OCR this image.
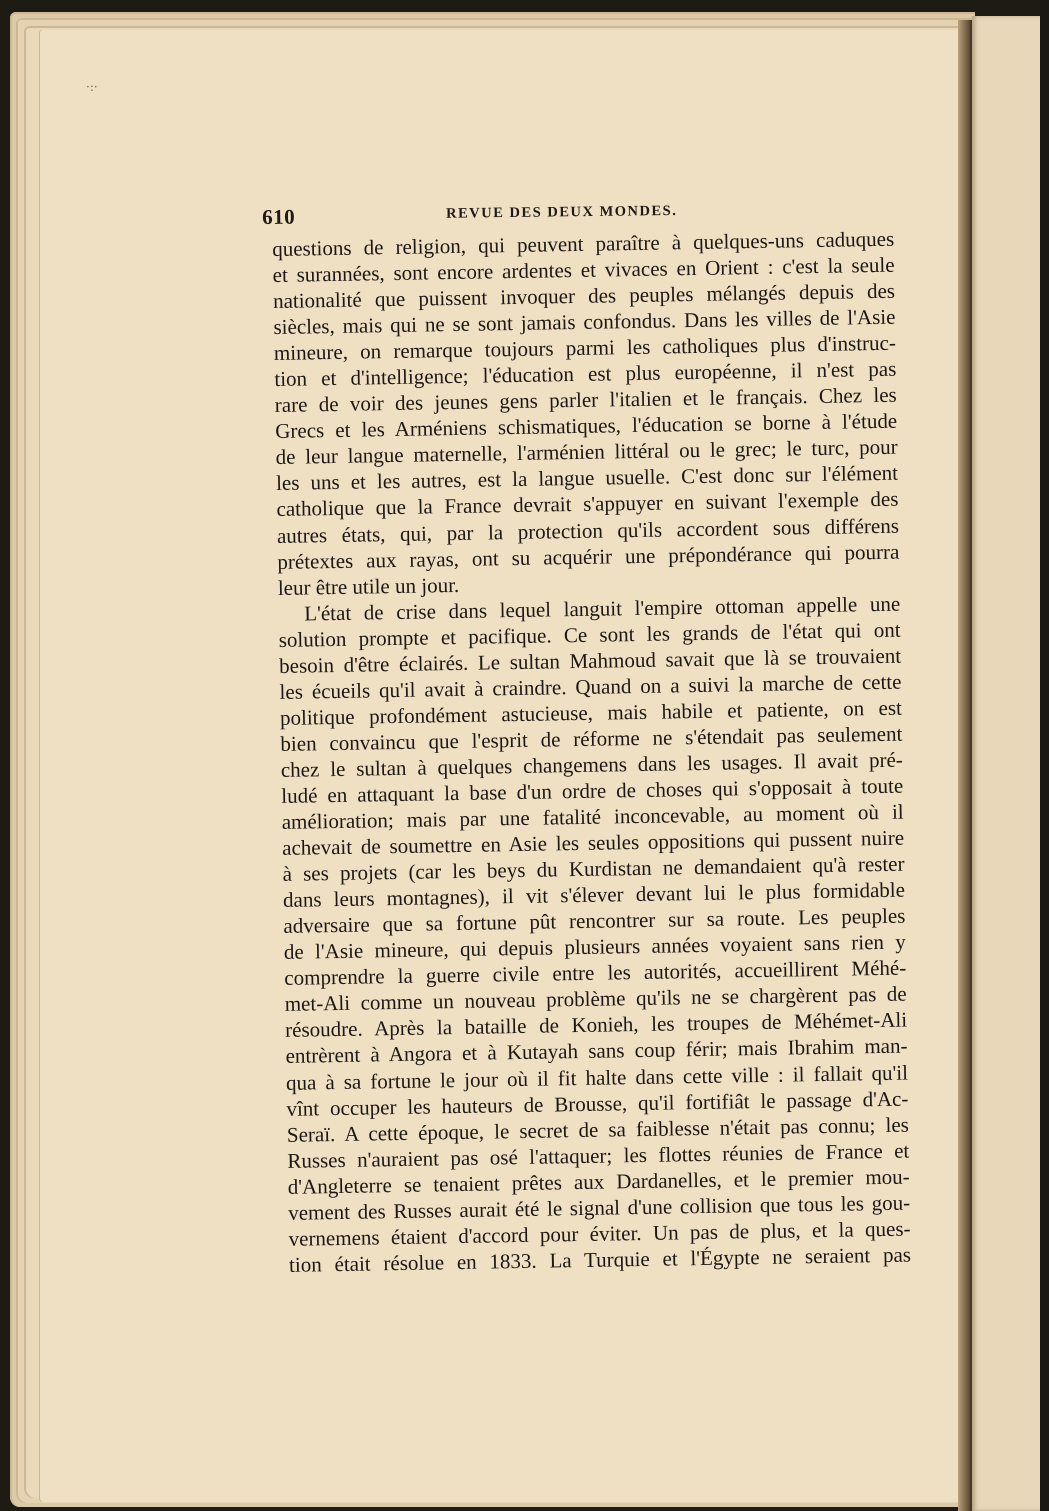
·:·
610	REVUE DES DEUX MONDES.
questions de religion, qui peuvent paraître à quelques-uns caduques
et surannées, sont encore ardentes et vivaces en Orient : c'est la seule
nationalité que puissent invoquer des peuples mélangés depuis des
siècles, mais qui ne se sont jamais confondus. Dans les villes de l'Asie
mineure, on remarque toujours parmi les catholiques plus d'instruc-
tion et d'intelligence; l'éducation est plus européenne, il n'est pas
rare de voir des jeunes gens parler l'italien et le français. Chez les
Grecs et les Arméniens schismatiques, l'éducation se borne à l'étude
de leur langue maternelle, l'arménien littéral ou le grec; le turc, pour
les uns et les autres, est la langue usuelle. C'est donc sur l'élément
catholique que la France devrait s'appuyer en suivant l'exemple des
autres états, qui, par la protection qu'ils accordent sous différens
prétextes aux rayas, ont su acquérir une prépondérance qui pourra
leur être utile un jour.
L'état de crise dans lequel languit l'empire ottoman appelle une
solution prompte et pacifique. Ce sont les grands de l'état qui ont
besoin d'être éclairés. Le sultan Mahmoud savait que là se trouvaient
les écueils qu'il avait à craindre. Quand on a suivi la marche de cette
politique profondément astucieuse, mais habile et patiente, on est
bien convaincu que l'esprit de réforme ne s'étendait pas seulement
chez le sultan à quelques changemens dans les usages. Il avait pré-
ludé en attaquant la base d'un ordre de choses qui s'opposait à toute
amélioration; mais par une fatalité inconcevable, au moment où il
achevait de soumettre en Asie les seules oppositions qui pussent nuire
à ses projets (car les beys du Kurdistan ne demandaient qu'à rester
dans leurs montagnes), il vit s'élever devant lui le plus formidable
adversaire que sa fortune pût rencontrer sur sa route. Les peuples
de l'Asie mineure, qui depuis plusieurs années voyaient sans rien y
comprendre la guerre civile entre les autorités, accueillirent Méhé-
met-Ali comme un nouveau problème qu'ils ne se chargèrent pas de
résoudre. Après la bataille de Konieh, les troupes de Méhémet-Ali
entrèrent à Angora et à Kutayah sans coup férir; mais Ibrahim man-
qua à sa fortune le jour où il fit halte dans cette ville : il fallait qu'il
vînt occuper les hauteurs de Brousse, qu'il fortifiât le passage d'Ac-
Seraï. A cette époque, le secret de sa faiblesse n'était pas connu; les
Russes n'auraient pas osé l'attaquer; les flottes réunies de France et
d'Angleterre se tenaient prêtes aux Dardanelles, et le premier mou-
vement des Russes aurait été le signal d'une collision que tous les gou-
vernemens étaient d'accord pour éviter. Un pas de plus, et la ques-
tion était résolue en 1833. La Turquie et l'Égypte ne seraient pas
